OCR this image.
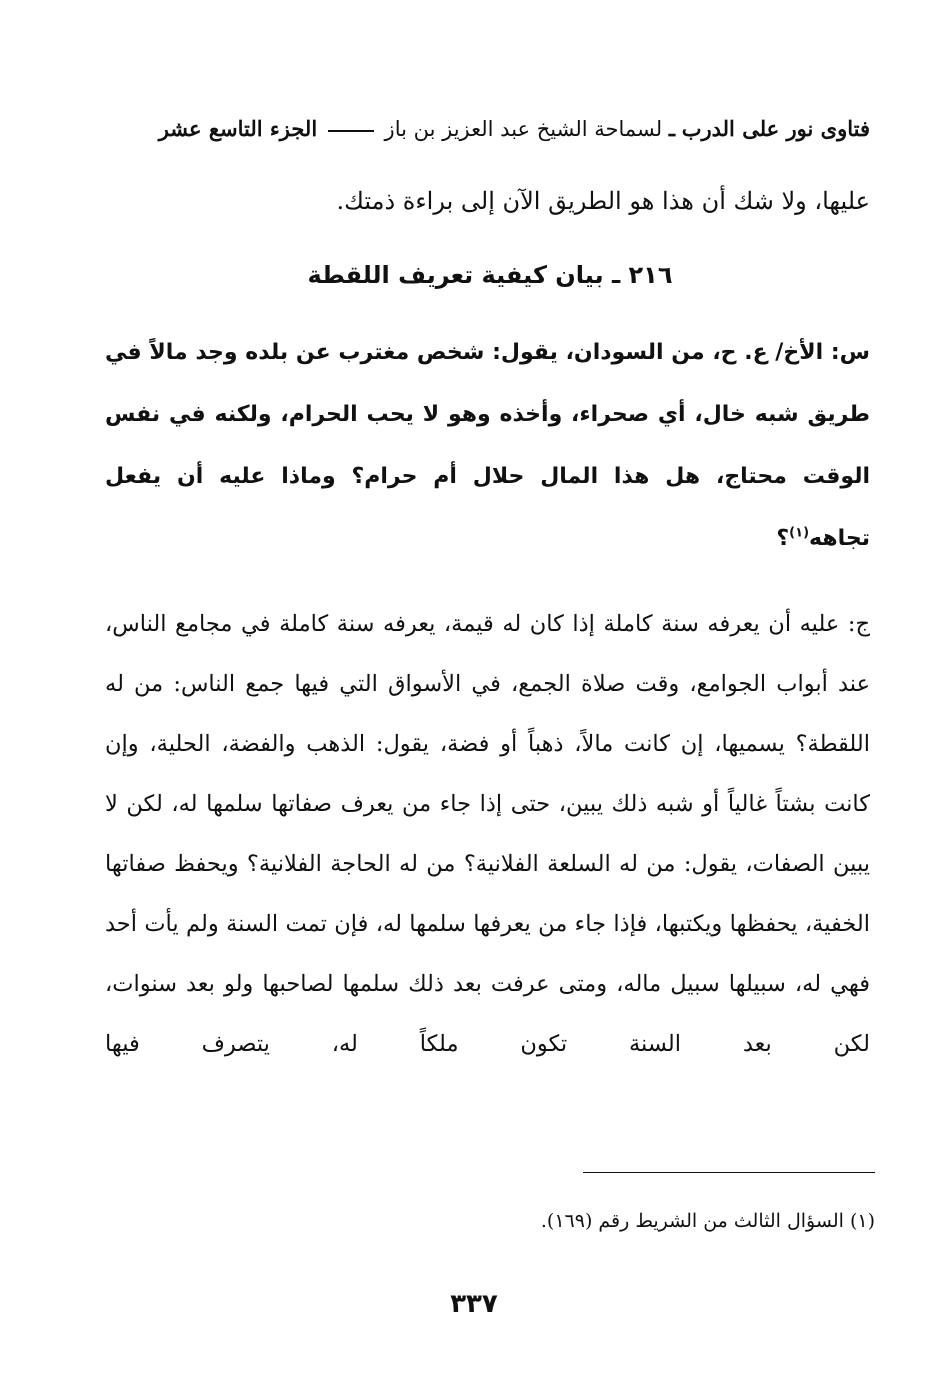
فتاوى نور على الدرب ـ لسماحة الشيخ عبد العزيز بن باز  الجزء التاسع عشر
عليها، ولا شك أن هذا هو الطريق الآن إلى براءة ذمتك.
٢١٦ ـ بيان كيفية تعريف اللقطة
س: الأخ/ ع. ح، من السودان، يقول: شخص مغترب عن بلده وجد مالاً في طريق شبه خال، أي صحراء، وأخذه وهو لا يحب الحرام، ولكنه في نفس الوقت محتاج، هل هذا المال حلال أم حرام؟ وماذا عليه أن يفعل تجاهه$^{(١)}$؟
ج: عليه أن يعرفه سنة كاملة إذا كان له قيمة، يعرفه سنة كاملة في مجامع الناس، عند أبواب الجوامع، وقت صلاة الجمع، في الأسواق التي فيها جمع الناس: من له اللقطة؟ يسميها، إن كانت مالاً، ذهباً أو فضة، يقول: الذهب والفضة، الحلية، وإن كانت بشتاً غالياً أو شبه ذلك يبين، حتى إذا جاء من يعرف صفاتها سلمها له، لكن لا يبين الصفات، يقول: من له السلعة الفلانية؟ من له الحاجة الفلانية؟ ويحفظ صفاتها الخفية، يحفظها ويكتبها، فإذا جاء من يعرفها سلمها له، فإن تمت السنة ولم يأت أحد فهي له، سبيلها سبيل ماله، ومتى عرفت بعد ذلك سلمها لصاحبها ولو بعد سنوات، لكن بعد السنة تكون ملكاً له، يتصرف فيها
(١) السؤال الثالث من الشريط رقم (١٦٩).
٣٣٧
